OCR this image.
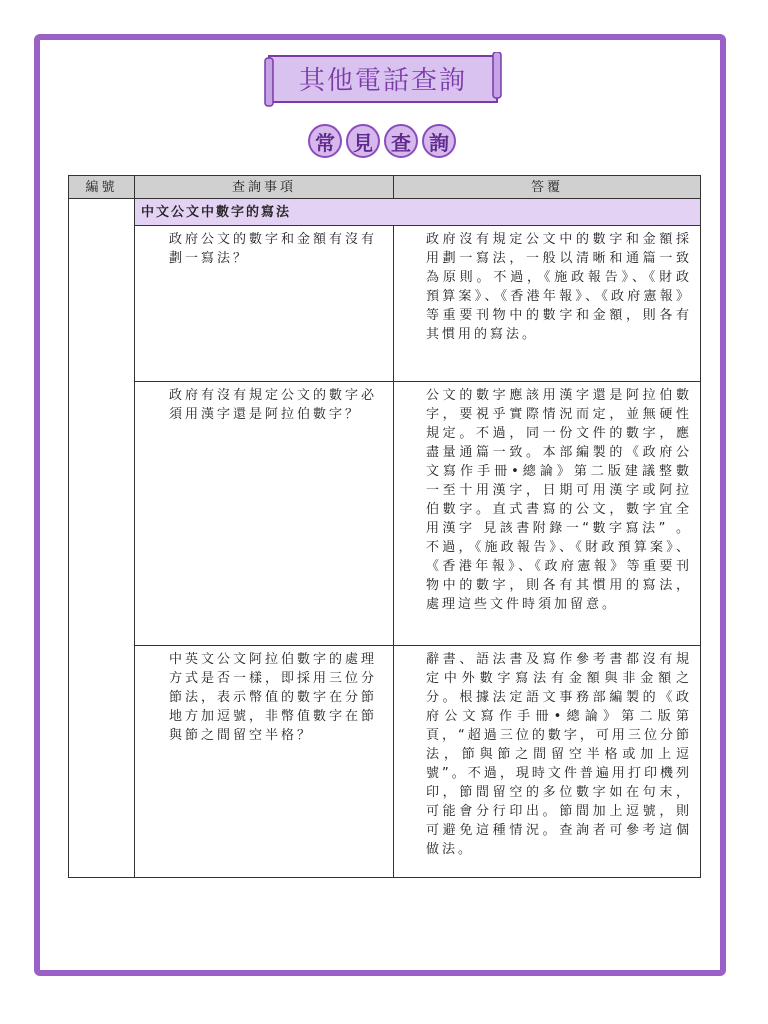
其他電話查詢
常 見 查 詢
編號	查詢事項	答覆
	中文公文中數字的寫法	
	政府公文的數字和金額有沒有劃一寫法？	政府沒有規定公文中的數字和金額採用劃一寫法，一般以清晰和通篇一致為原則。不過，《施政報告》、《財政預算案》、《香港年報》、《政府憲報》等重要刊物中的數字和金額，則各有其慣用的寫法。
	政府有沒有規定公文的數字必須用漢字還是阿拉伯數字？	公文的數字應該用漢字還是阿拉伯數字，要視乎實際情況而定，並無硬性規定。不過，同一份文件的數字，應盡量通篇一致。本部編製的《政府公文寫作手冊•總論》第二版建議整數一至十用漢字，日期可用漢字或阿拉伯數字。直式書寫的公文，數字宜全用漢字 見該書附錄一“數字寫法” 。不過，《施政報告》、《財政預算案》、《香港年報》、《政府憲報》等重要刊物中的數字，則各有其慣用的寫法，處理這些文件時須加留意。
	中英文公文阿拉伯數字的處理方式是否一樣，即採用三位分節法，表示幣值的數字在分節地方加逗號，非幣值數字在節與節之間留空半格？	辭書、語法書及寫作參考書都沒有規定中外數字寫法有金額與非金額之分。根據法定語文事務部編製的《政府公文寫作手冊•總論》第二版第　　頁，“超過三位的數字，可用三位分節法，節與節之間留空半格或加上逗號”。不過，現時文件普遍用打印機列印，節間留空的多位數字如在句末，可能會分行印出。節間加上逗號，則可避免這種情況。查詢者可參考這個做法。
